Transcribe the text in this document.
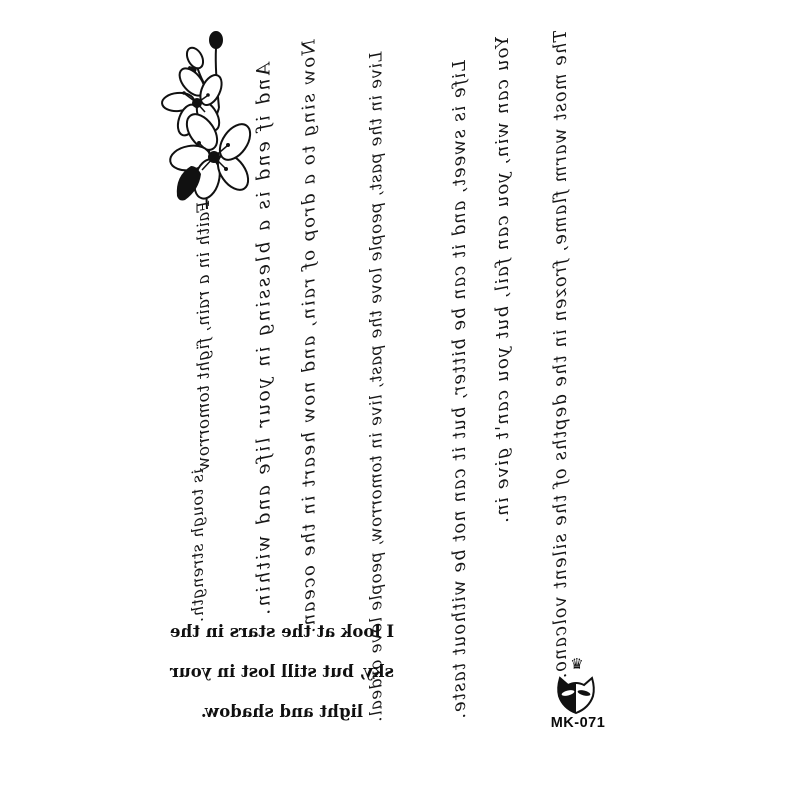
Faith in a rain, fight tomorrow
is tough strength.	And if end is a blessing in your life and within. Now sing to a drop of rain, and now heart in the ocean.	Live in the past, people love the past, live in tomorrow, people love ordeal.	Life is sweet, and it can be bitter, but it can not be without taste. You can win, you can fail, but you can't give in. The most warm flame, frozen in the depths of the silent volcano.
I look at the stars in the
sky, but still lost in your
light and shadow.
♛
MK-071
